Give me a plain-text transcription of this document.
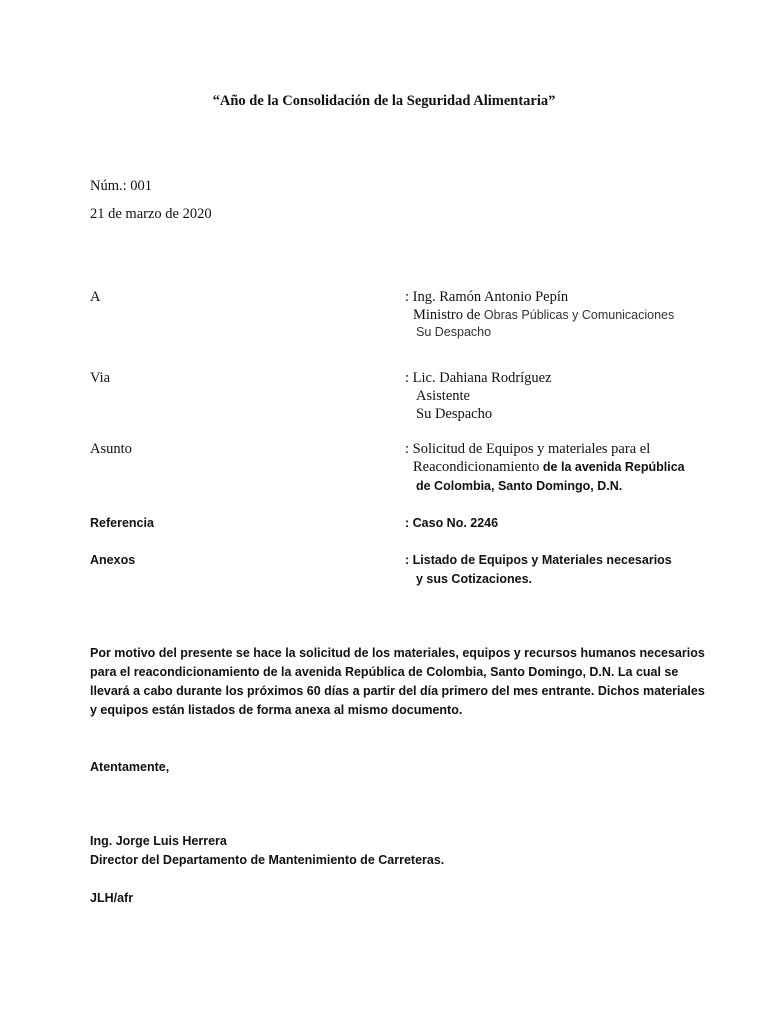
“Año de la Consolidación de la Seguridad Alimentaria”
Núm.: 001
21 de marzo de 2020
A	: Ing. Ramón Antonio Pepín
Ministro de Obras Públicas y Comunicaciones
Su Despacho
Via	: Lic. Dahiana Rodríguez
Asistente
Su Despacho
Asunto	: Solicitud de Equipos y materiales para el
Reacondicionamiento de la avenida República
de Colombia, Santo Domingo, D.N.
Referencia	: Caso No. 2246
Anexos	: Listado de Equipos y Materiales necesarios
y sus Cotizaciones.
Por motivo del presente se hace la solicitud de los materiales, equipos y recursos humanos necesarios
para el reacondicionamiento de la avenida República de Colombia, Santo Domingo, D.N. La cual se
llevará a cabo durante los próximos 60 días a partir del día primero del mes entrante. Dichos materiales
y equipos están listados de forma anexa al mismo documento.
Atentamente,
Ing. Jorge Luis Herrera
Director del Departamento de Mantenimiento de Carreteras.
JLH/afr
